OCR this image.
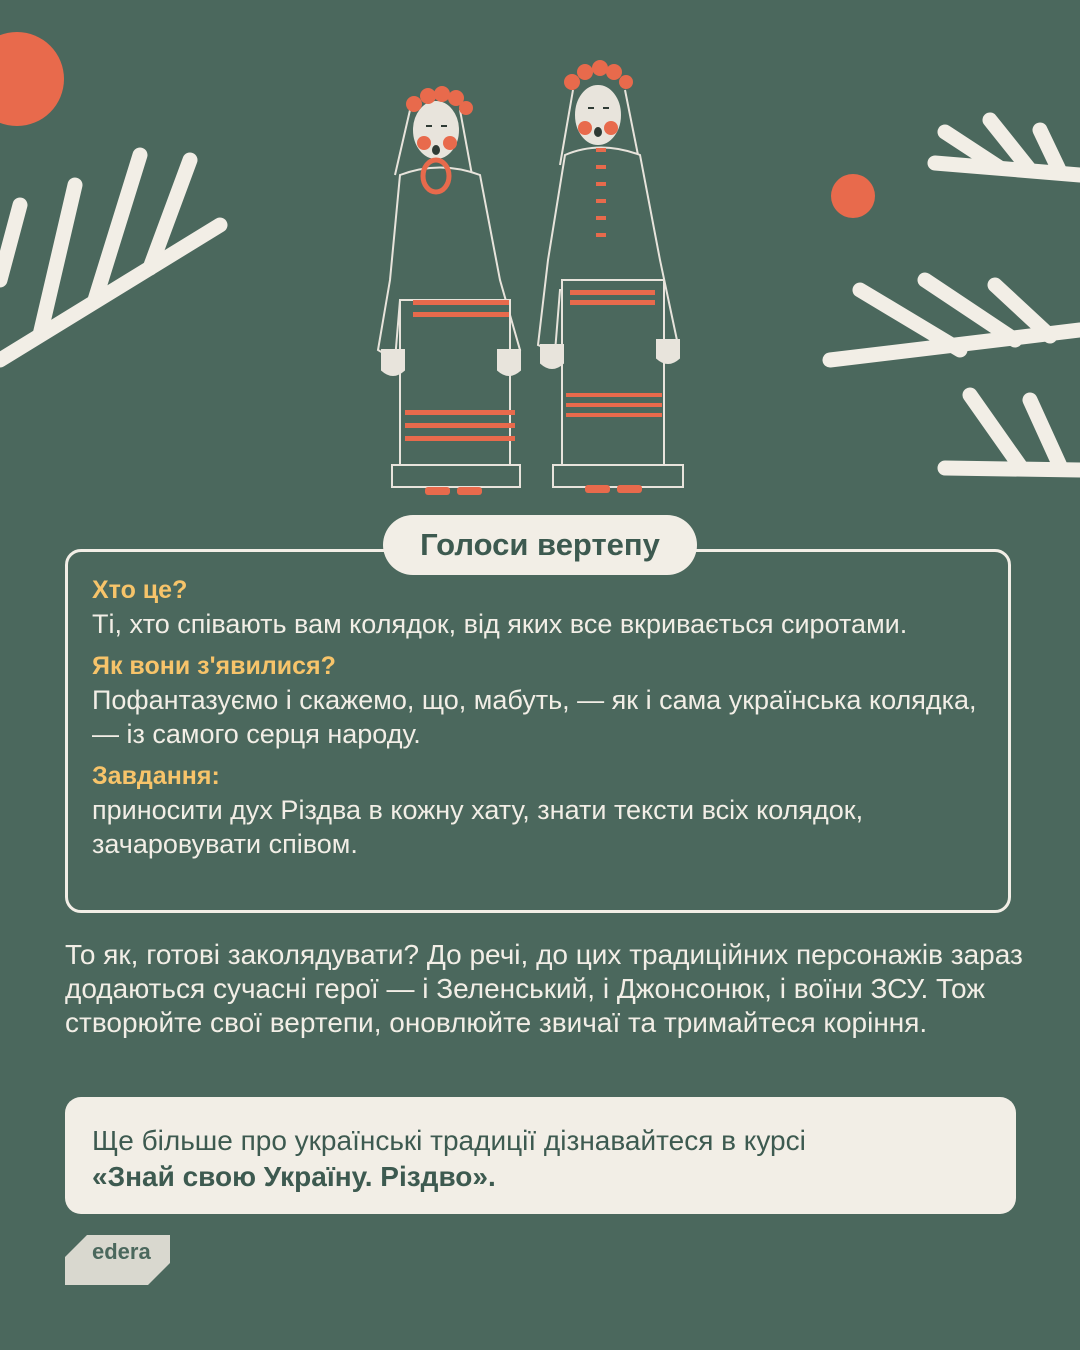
Голоси вертепу
Хто це?
Ті, хто співають вам колядок, від яких все вкривається сиротами.
Як вони з'явилися?
Пофантазуємо і скажемо, що, мабуть, — як і сама українська колядка, — із самого серця народу.
Завдання:
приносити дух Різдва в кожну хату, знати тексти всіх колядок, зачаровувати співом.
То як, готові заколядувати? До речі, до цих традиційних персонажів зараз додаються сучасні герої — і Зеленський, і Джонсонюк, і воїни ЗСУ. Тож створюйте свої вертепи, оновлюйте звичаї та тримайтеся коріння.
Ще більше про українські традиції дізнавайтеся в курсі
«Знай свою Україну. Різдво».
edera
